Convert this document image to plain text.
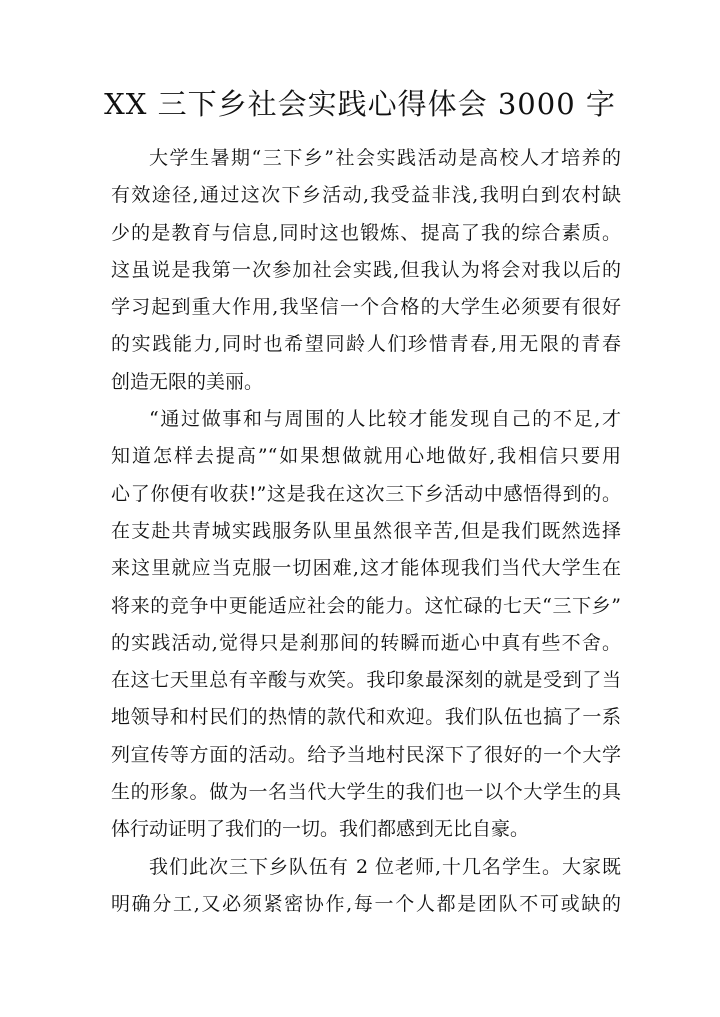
XX 三下乡社会实践心得体会 3000 字
大学生暑期“三下乡”社会实践活动是高校人才培养的
有效途径,通过这次下乡活动,我受益非浅,我明白到农村缺
少的是教育与信息,同时这也锻炼、提高了我的综合素质。
这虽说是我第一次参加社会实践,但我认为将会对我以后的
学习起到重大作用,我坚信一个合格的大学生必须要有很好
的实践能力,同时也希望同龄人们珍惜青春,用无限的青春
创造无限的美丽。
“通过做事和与周围的人比较才能发现自己的不足,才
知道怎样去提高”“如果想做就用心地做好,我相信只要用
心了你便有收获!”这是我在这次三下乡活动中感悟得到的。
在支赴共青城实践服务队里虽然很辛苦,但是我们既然选择
来这里就应当克服一切困难,这才能体现我们当代大学生在
将来的竞争中更能适应社会的能力。这忙碌的七天“三下乡”
的实践活动,觉得只是刹那间的转瞬而逝心中真有些不舍。
在这七天里总有辛酸与欢笑。我印象最深刻的就是受到了当
地领导和村民们的热情的款代和欢迎。我们队伍也搞了一系
列宣传等方面的活动。给予当地村民深下了很好的一个大学
生的形象。做为一名当代大学生的我们也一以个大学生的具
体行动证明了我们的一切。我们都感到无比自豪。
我们此次三下乡队伍有 2 位老师,十几名学生。大家既
明确分工,又必须紧密协作,每一个人都是团队不可或缺的
